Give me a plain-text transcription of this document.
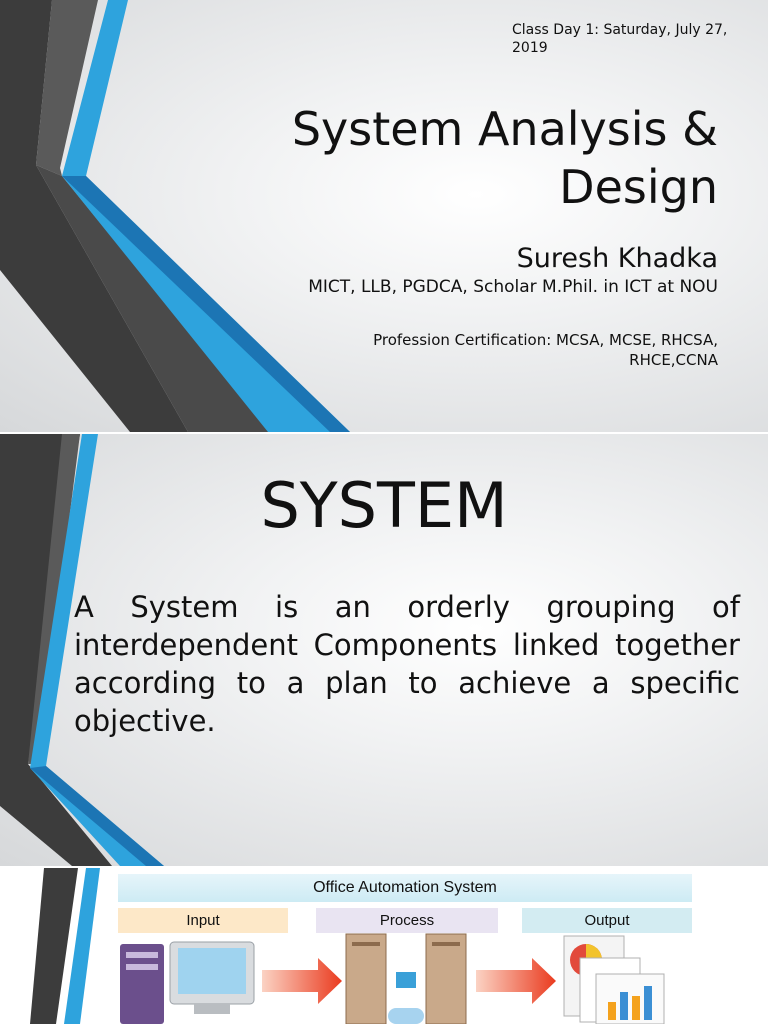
Class Day 1: Saturday, July 27, 2019
System Analysis & Design
Suresh Khadka
MICT, LLB, PGDCA, Scholar M.Phil. in ICT at NOU
Profession Certification: MCSA, MCSE, RHCSA, RHCE,CCNA
SYSTEM
A System is an orderly grouping of interdependent Components linked together according to a plan to achieve a specific objective.
Office Automation System
Input	Process	Output
